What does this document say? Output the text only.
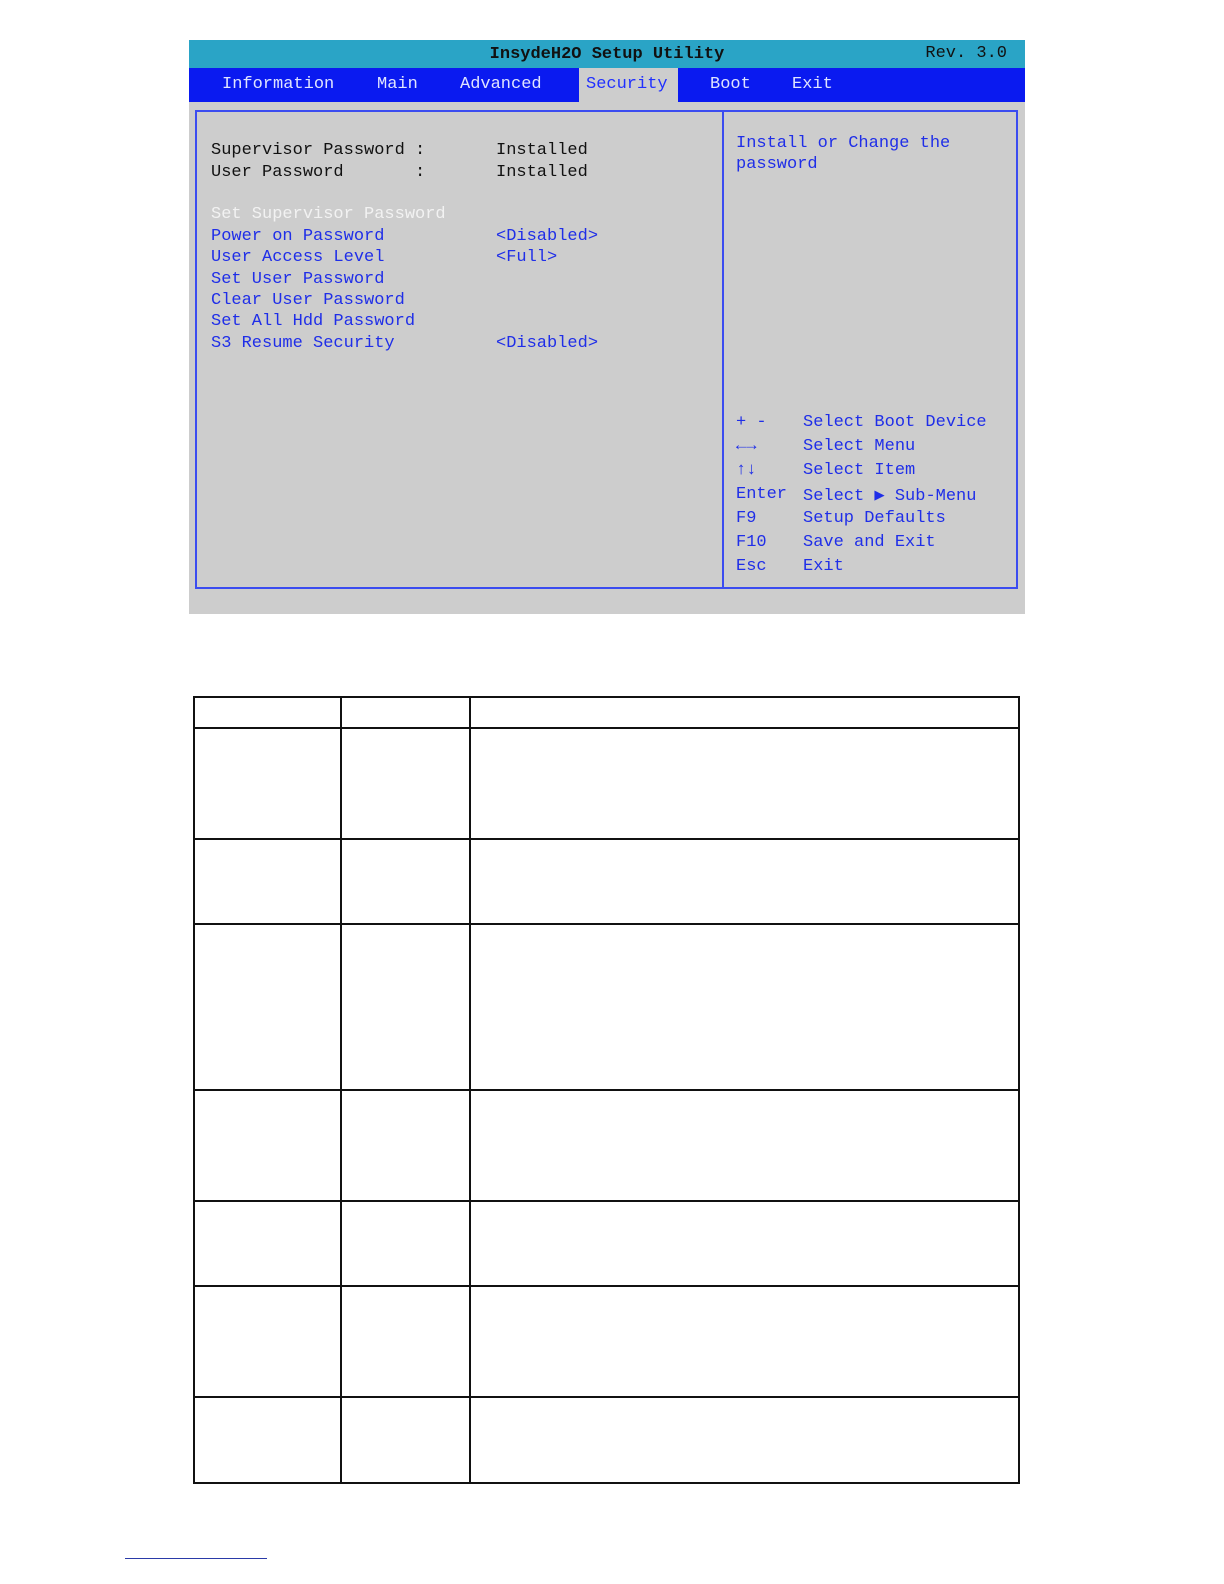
InsydeH2O Setup Utility	Rev. 3.0
Information	Main	Advanced	Security	Boot	Exit
Supervisor Password :	Installed
User Password       :	Installed
Set Supervisor Password
Power on Password	<Disabled>
User Access Level	<Full>
Set User Password
Clear User Password
Set All Hdd Password
S3 Resume Security	<Disabled>
Install or Change the password
+ - Select Boot Device
←→	Select Menu
↑↓	Select Item
Enter Select ▶ Sub-Menu
F9	Setup Defaults
F10 Save and Exit
Esc Exit
